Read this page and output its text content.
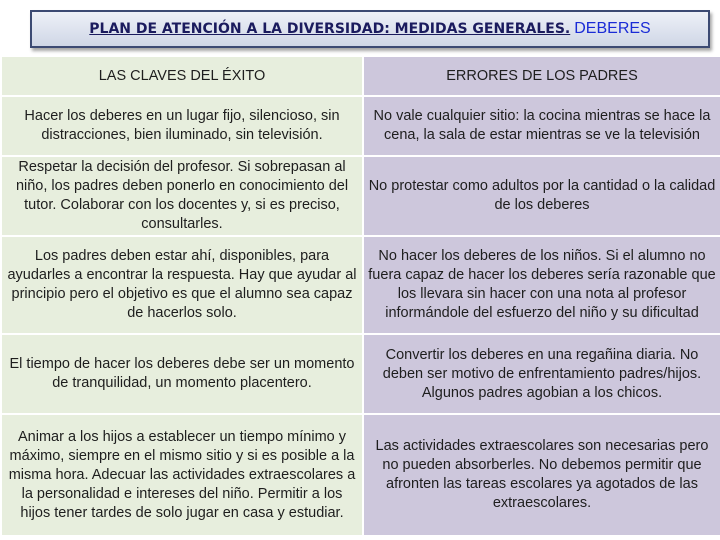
PLAN DE ATENCIÓN A LA DIVERSIDAD: MEDIDAS GENERALES. DEBERES
LAS CLAVES DEL ÉXITO	ERRORES DE LOS PADRES
Hacer los deberes en un lugar fijo, silencioso, sin distracciones, bien iluminado, sin televisión.	No vale cualquier sitio: la cocina mientras se hace la cena, la sala de estar mientras se ve la televisión
Respetar la decisión del profesor. Si sobrepasan al niño, los padres deben ponerlo en conocimiento del tutor. Colaborar con los docentes y, si es preciso, consultarles.	No protestar como adultos por la cantidad o la calidad de los deberes
Los padres deben estar ahí, disponibles, para ayudarles a encontrar la respuesta. Hay que ayudar al principio pero el objetivo es que el alumno sea capaz de hacerlos solo.	No hacer los deberes de los niños. Si el alumno no fuera capaz de hacer los deberes sería razonable que los llevara sin hacer con una nota al profesor informándole del esfuerzo del niño y su dificultad
El tiempo de hacer los deberes debe ser un momento de tranquilidad, un momento placentero.	Convertir los deberes en una regañina diaria. No deben ser motivo de enfrentamiento padres/hijos. Algunos padres agobian a los chicos.
Animar a los hijos a establecer un tiempo mínimo y máximo, siempre en el mismo sitio y si es posible a la misma hora. Adecuar las actividades extraescolares a la personalidad e intereses del niño. Permitir a los hijos tener tardes de solo jugar en casa y estudiar.	Las actividades extraescolares son necesarias pero no pueden absorberles. No debemos permitir que afronten las tareas escolares ya agotados de las extraescolares.
